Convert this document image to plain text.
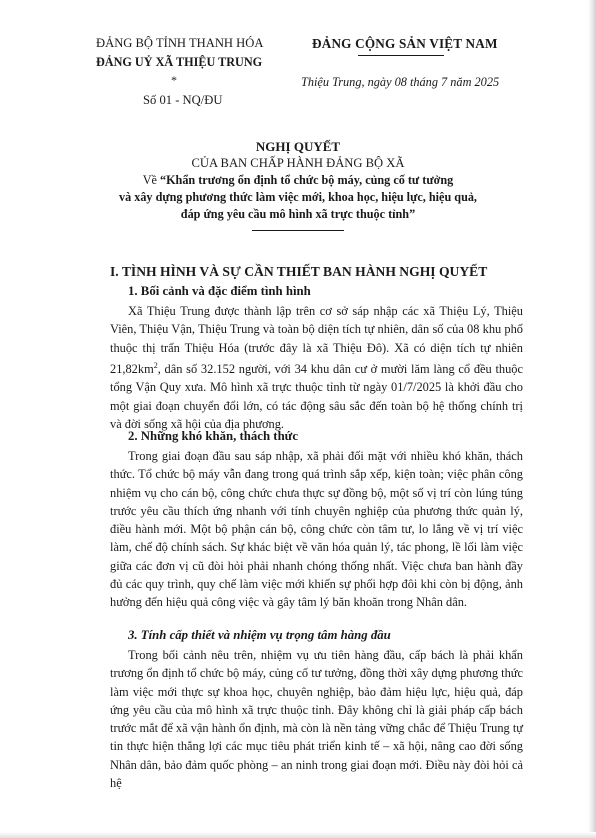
ĐẢNG BỘ TỈNH THANH HÓA
ĐẢNG UỶ XÃ THIỆU TRUNG
*
Số 01 - NQ/ĐU
ĐẢNG CỘNG SẢN VIỆT NAM
Thiệu Trung, ngày 08 tháng 7 năm 2025
NGHỊ QUYẾT
CỦA BAN CHẤP HÀNH ĐẢNG BỘ XÃ
Về “Khẩn trương ổn định tổ chức bộ máy, củng cố tư tưởng
và xây dựng phương thức làm việc mới, khoa học, hiệu lực, hiệu quả,
đáp ứng yêu cầu mô hình xã trực thuộc tỉnh”
I. TÌNH HÌNH VÀ SỰ CẦN THIẾT BAN HÀNH NGHỊ QUYẾT
1. Bối cảnh và đặc điểm tình hình
Xã Thiệu Trung được thành lập trên cơ sở sáp nhập các xã Thiệu Lý, Thiệu Viên, Thiệu Vận, Thiệu Trung và toàn bộ diện tích tự nhiên, dân số của 08 khu phố thuộc thị trấn Thiệu Hóa (trước đây là xã Thiệu Đô). Xã có diện tích tự nhiên $21,82km^2$, dân số 32.152 người, với 34 khu dân cư ở mười lăm làng cổ đều thuộc tổng Vận Quy xưa. Mô hình xã trực thuộc tỉnh từ ngày 01/7/2025 là khởi đầu cho một giai đoạn chuyển đổi lớn, có tác động sâu sắc đến toàn bộ hệ thống chính trị và đời sống xã hội của địa phương.
2. Những khó khăn, thách thức
Trong giai đoạn đầu sau sáp nhập, xã phải đối mặt với nhiều khó khăn, thách thức. Tổ chức bộ máy vẫn đang trong quá trình sắp xếp, kiện toàn; việc phân công nhiệm vụ cho cán bộ, công chức chưa thực sự đồng bộ, một số vị trí còn lúng túng trước yêu cầu thích ứng nhanh với tính chuyên nghiệp của phương thức quản lý, điều hành mới. Một bộ phận cán bộ, công chức còn tâm tư, lo lắng về vị trí việc làm, chế độ chính sách. Sự khác biệt về văn hóa quản lý, tác phong, lề lối làm việc giữa các đơn vị cũ đòi hỏi phải nhanh chóng thống nhất. Việc chưa ban hành đầy đủ các quy trình, quy chế làm việc mới khiến sự phối hợp đôi khi còn bị động, ảnh hưởng đến hiệu quả công việc và gây tâm lý băn khoăn trong Nhân dân.
3. Tính cấp thiết và nhiệm vụ trọng tâm hàng đầu
Trong bối cảnh nêu trên, nhiệm vụ ưu tiên hàng đầu, cấp bách là phải khẩn trương ổn định tổ chức bộ máy, củng cố tư tưởng, đồng thời xây dựng phương thức làm việc mới thực sự khoa học, chuyên nghiệp, bảo đảm hiệu lực, hiệu quả, đáp ứng yêu cầu của mô hình xã trực thuộc tỉnh. Đây không chỉ là giải pháp cấp bách trước mắt để xã vận hành ổn định, mà còn là nền tảng vững chắc để Thiệu Trung tự tin thực hiện thắng lợi các mục tiêu phát triển kinh tế – xã hội, nâng cao đời sống Nhân dân, bảo đảm quốc phòng – an ninh trong giai đoạn mới. Điều này đòi hỏi cả hệ
